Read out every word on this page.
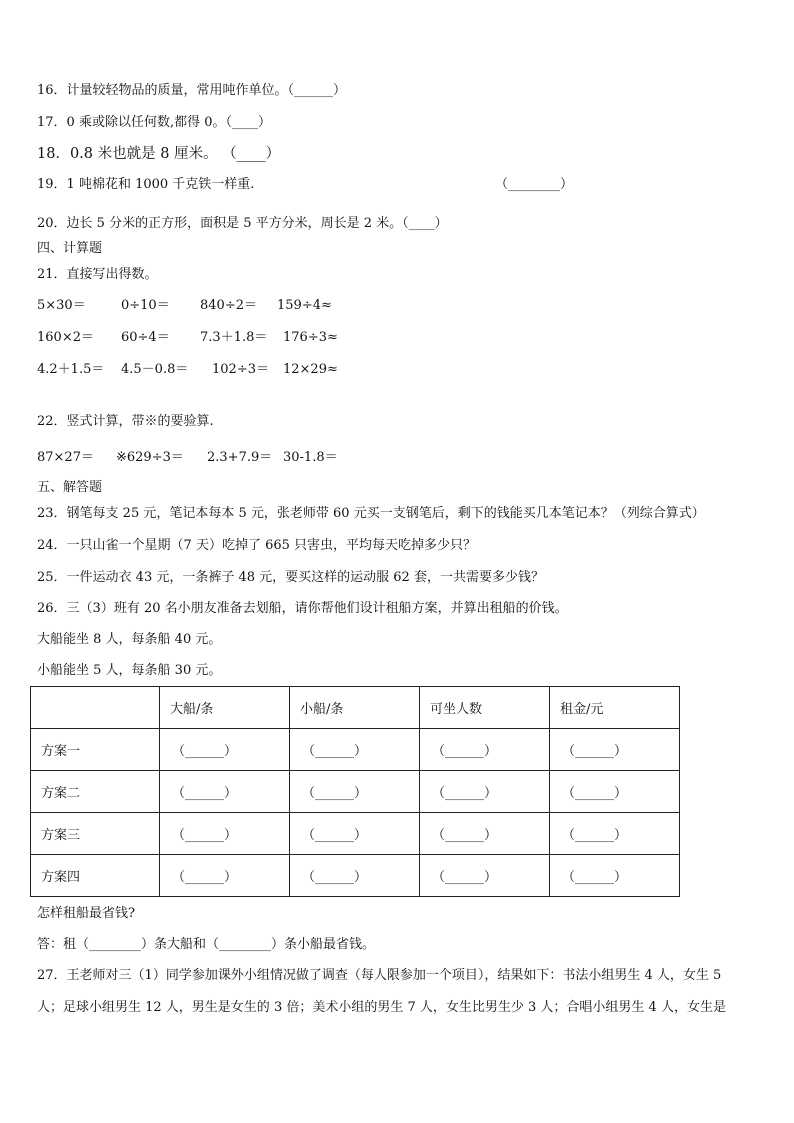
16．计量较轻物品的质量，常用吨作单位。（______）
17．0 乘或除以任何数,都得 0。（____）
18．0.8 米也就是 8 厘米。 （____）
19．1 吨棉花和 1000 千克铁一样重.	（________）
20．边长 5 分米的正方形，面积是 5 平方分米，周长是 2 米。（____）
四、计算题
21．直接写出得数。
5×30＝	0÷10＝ 840÷2＝ 159÷4≈
160×2＝ 60÷4＝ 7.3＋1.8＝ 176÷3≈
4.2＋1.5＝ 4.5－0.8＝ 102÷3＝ 12×29≈
22．竖式计算，带※的要验算.
87×27＝ ※629÷3＝ 2.3+7.9＝ 30-1.8＝
五、解答题
23．钢笔每支 25 元，笔记本每本 5 元，张老师带 60 元买一支钢笔后，剩下的钱能买几本笔记本？（列综合算式）
24．一只山雀一个星期（7 天）吃掉了 665 只害虫，平均每天吃掉多少只？
25．一件运动衣 43 元，一条裤子 48 元，要买这样的运动服 62 套，一共需要多少钱？
26．三（3）班有 20 名小朋友准备去划船，请你帮他们设计租船方案，并算出租船的价钱。
大船能坐 8 人，每条船 40 元。
小船能坐 5 人，每条船 30 元。
	大船/条	小船/条	可坐人数	租金/元
方案一	（______）	（______）	（______）	（______）
方案二	（______）	（______）	（______）	（______）
方案三	（______）	（______）	（______）	（______）
方案四	（______）	（______）	（______）	（______）
怎样租船最省钱?
答：租（________）条大船和（________）条小船最省钱。
27．王老师对三（1）同学参加课外小组情况做了调查（每人限参加一个项目），结果如下：书法小组男生 4 人，女生 5
人；足球小组男生 12 人，男生是女生的 3 倍；美术小组的男生 7 人，女生比男生少 3 人；合唱小组男生 4 人，女生是
